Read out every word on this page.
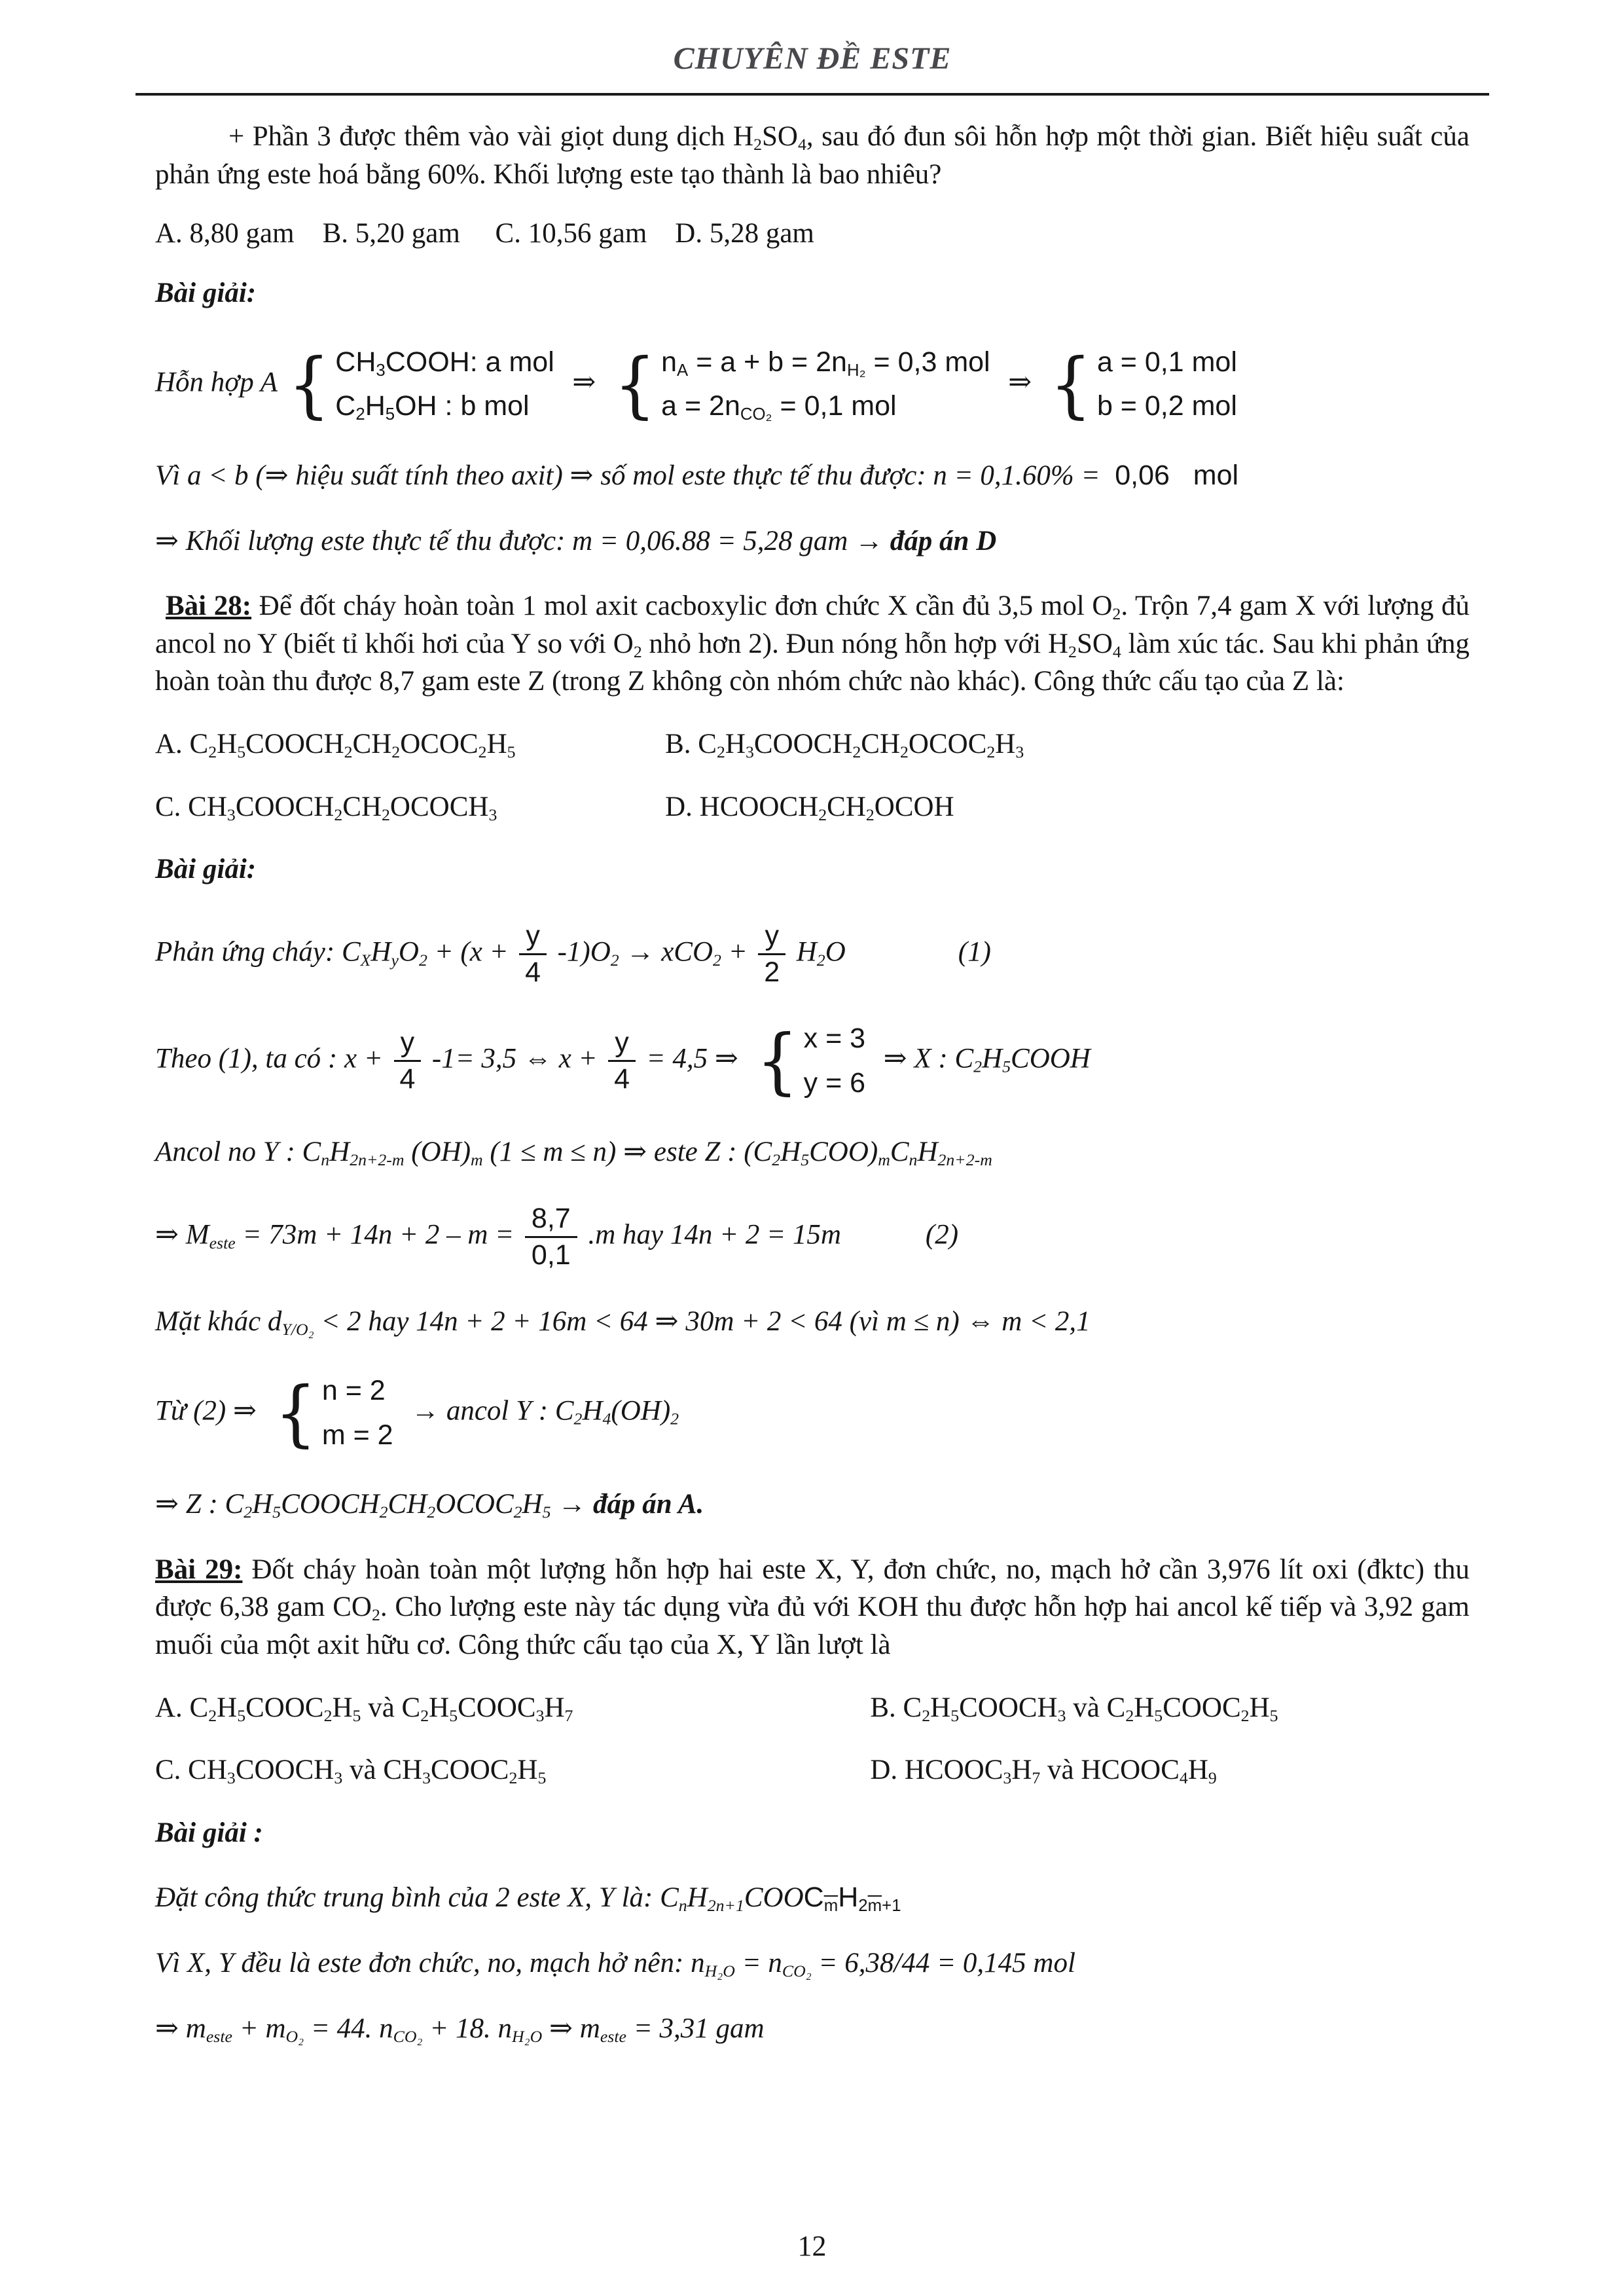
CHUYÊN ĐỀ ESTE
+ Phần 3 được thêm vào vài giọt dung dịch $H_2SO_4$, sau đó đun sôi hỗn hợp một thời gian. Biết hiệu suất của phản ứng este hoá bằng 60%. Khối lượng este tạo thành là bao nhiêu?
A. 8,80 gam    B. 5,20 gam     C. 10,56 gam    D. 5,28 gam
Bài giải:
Hỗn hợp A { $CH_3COOH$: a mol
$C_2H_5OH$ : b mol
 ⇒  { $n_A = a + b = 2n_{H_2} = 0,3$ mol
$a = 2n_{CO_2} = 0,1$ mol
 ⇒  { a = 0,1 mol
b = 0,2 mol
Vì a < b (⇒ hiệu suất tính theo axit) ⇒ số mol este thực tế thu được: n = 0,1.60% =  0,06   mol
⇒ Khối lượng este thực tế thu được: m = 0,06.88 = 5,28 gam → đáp án D
Bài 28: Để đốt cháy hoàn toàn 1 mol axit cacboxylic đơn chức X cần đủ 3,5 mol $O_2$. Trộn 7,4 gam X với lượng đủ ancol no Y (biết tỉ khối hơi của Y so với $O_2$ nhỏ hơn 2). Đun nóng hỗn hợp với $H_2SO_4$ làm xúc tác. Sau khi phản ứng hoàn toàn thu được 8,7 gam este Z (trong Z không còn nhóm chức nào khác). Công thức cấu tạo của Z là:
A. $C_2H_5COOCH_2CH_2OCOC_2H_5$	B. $C_2H_3COOCH_2CH_2OCOC_2H_3$
C. $CH_3COOCH_2CH_2OCOCH_3$	D. $HCOOCH_2CH_2OCOH$
Bài giải:
Phản ứng cháy: $C_XH_yO_2 + (x + \frac{y}{4} -1)O_2 \to xCO_2 + \frac{y}{2} H_2O$    (1)
Theo (1), ta có : $x + \frac{y}{4} -1= 3,5$ ⇔ $x + \frac{y}{4} = 4,5$ ⇒  { x = 3
y = 6
 ⇒ X : $C_2H_5COOH$
Ancol no Y : $C_nH_{2n+2-m}$ $(OH)_m$ (1 ≤ m ≤ n) ⇒ este Z : $(C_2H_5COO)_mC_nH_{2n+2-m}$
⇒ $M_{este} = 73m + 14n + 2 - m = \frac{8,7}{0,1} .m$ hay 14n + 2 = 15m   (2)
Mặt khác $d_{Y/O_2} < 2$ hay 14n + 2 + 16m < 64 ⇒ 30m + 2 < 64 (vì m ≤ n) ⇔ m < 2,1
Từ (2) ⇒  { n = 2
m = 2
 → ancol Y : $C_2H_4(OH)_2$
⇒ Z : $C_2H_5COOCH_2CH_2OCOC_2H_5$ → đáp án A.
Bài 29: Đốt cháy hoàn toàn một lượng hỗn hợp hai este X, Y, đơn chức, no, mạch hở cần 3,976 lít oxi (đktc) thu được 6,38 gam $CO_2$. Cho lượng este này tác dụng vừa đủ với KOH thu được hỗn hợp hai ancol kế tiếp và 3,92 gam muối của một axit hữu cơ. Công thức cấu tạo của X, Y lần lượt là
A. $C_2H_5COOC_2H_5$ và $C_2H_5COOC_3H_7$	B. $C_2H_5COOCH_3$ và $C_2H_5COOC_2H_5$
C. $CH_3COOCH_3$ và $CH_3COOC_2H_5$	D. $HCOOC_3H_7$ và $HCOOC_4H_9$
Bài giải :
Đặt công thức trung bình của 2 este X, Y là: $C_nH_{2n+1}COOC_{\overline{m}}H_{2\overline{m}+1}$
Vì X, Y đều là este đơn chức, no, mạch hở nên: $n_{H_2O} = n_{CO_2} = 6,38/44 = 0,145$ mol
⇒ $m_{este} + m_{O_2} = 44$. $n_{CO_2} + 18$. $n_{H_2O}$ ⇒ $m_{este} = 3,31$ gam
12
